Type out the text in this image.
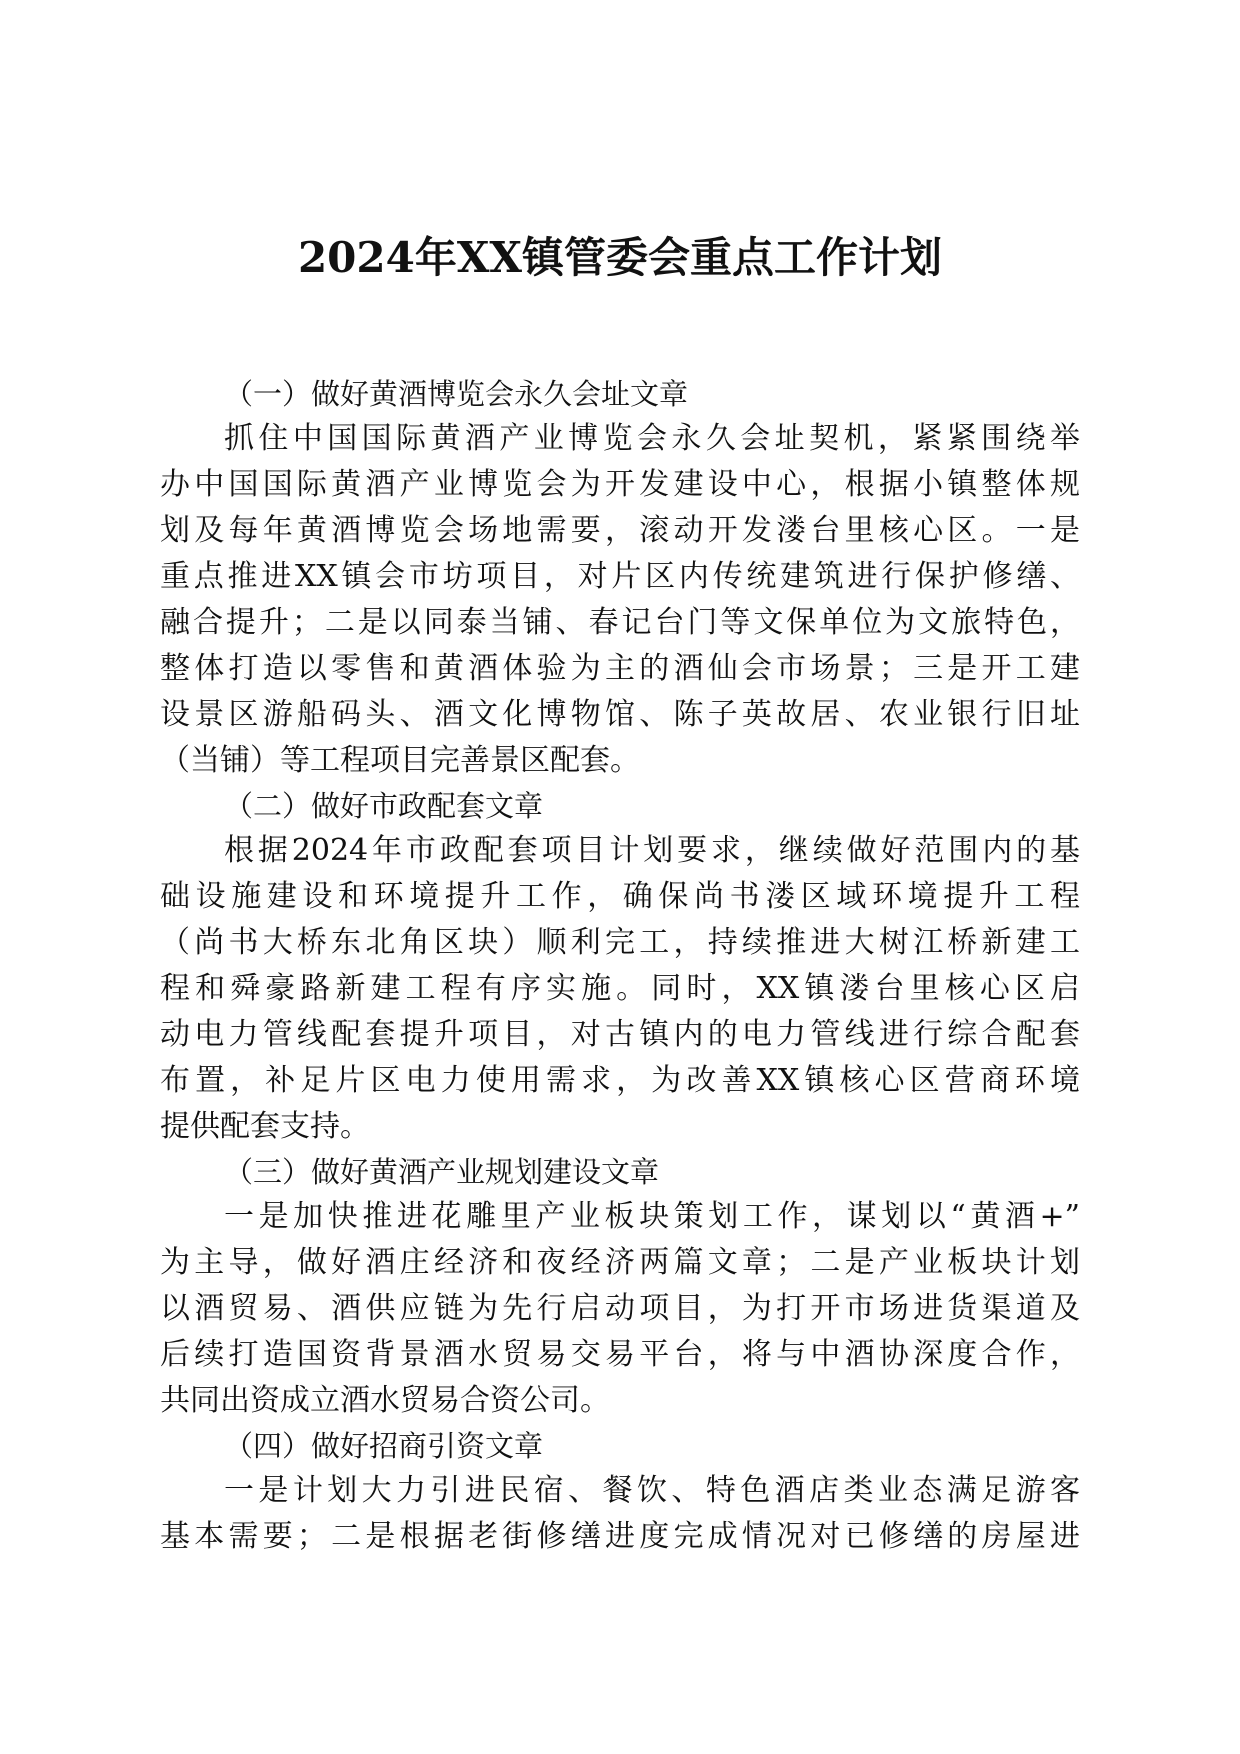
2024年XX镇管委会重点工作计划

（一）做好黄酒博览会永久会址文章

抓住中国国际黄酒产业博览会永久会址契机，紧紧围绕举

办中国国际黄酒产业博览会为开发建设中心，根据小镇整体规

划及每年黄酒博览会场地需要，滚动开发溇台里核心区。一是

重点推进XX镇会市坊项目，对片区内传统建筑进行保护修缮、

融合提升；二是以同泰当铺、春记台门等文保单位为文旅特色，

整体打造以零售和黄酒体验为主的酒仙会市场景；三是开工建

设景区游船码头、酒文化博物馆、陈子英故居、农业银行旧址

（当铺）等工程项目完善景区配套。

（二）做好市政配套文章

根据2024年市政配套项目计划要求，继续做好范围内的基

础设施建设和环境提升工作，确保尚书溇区域环境提升工程

（尚书大桥东北角区块）顺利完工，持续推进大树江桥新建工

程和舜豪路新建工程有序实施。同时，XX镇溇台里核心区启

动电力管线配套提升项目，对古镇内的电力管线进行综合配套

布置，补足片区电力使用需求，为改善XX镇核心区营商环境

提供配套支持。

（三）做好黄酒产业规划建设文章

一是加快推进花雕里产业板块策划工作，谋划以“黄酒+”

为主导，做好酒庄经济和夜经济两篇文章；二是产业板块计划

以酒贸易、酒供应链为先行启动项目，为打开市场进货渠道及

后续打造国资背景酒水贸易交易平台，将与中酒协深度合作，

共同出资成立酒水贸易合资公司。

（四）做好招商引资文章

一是计划大力引进民宿、餐饮、特色酒店类业态满足游客

基本需要；二是根据老街修缮进度完成情况对已修缮的房屋进
